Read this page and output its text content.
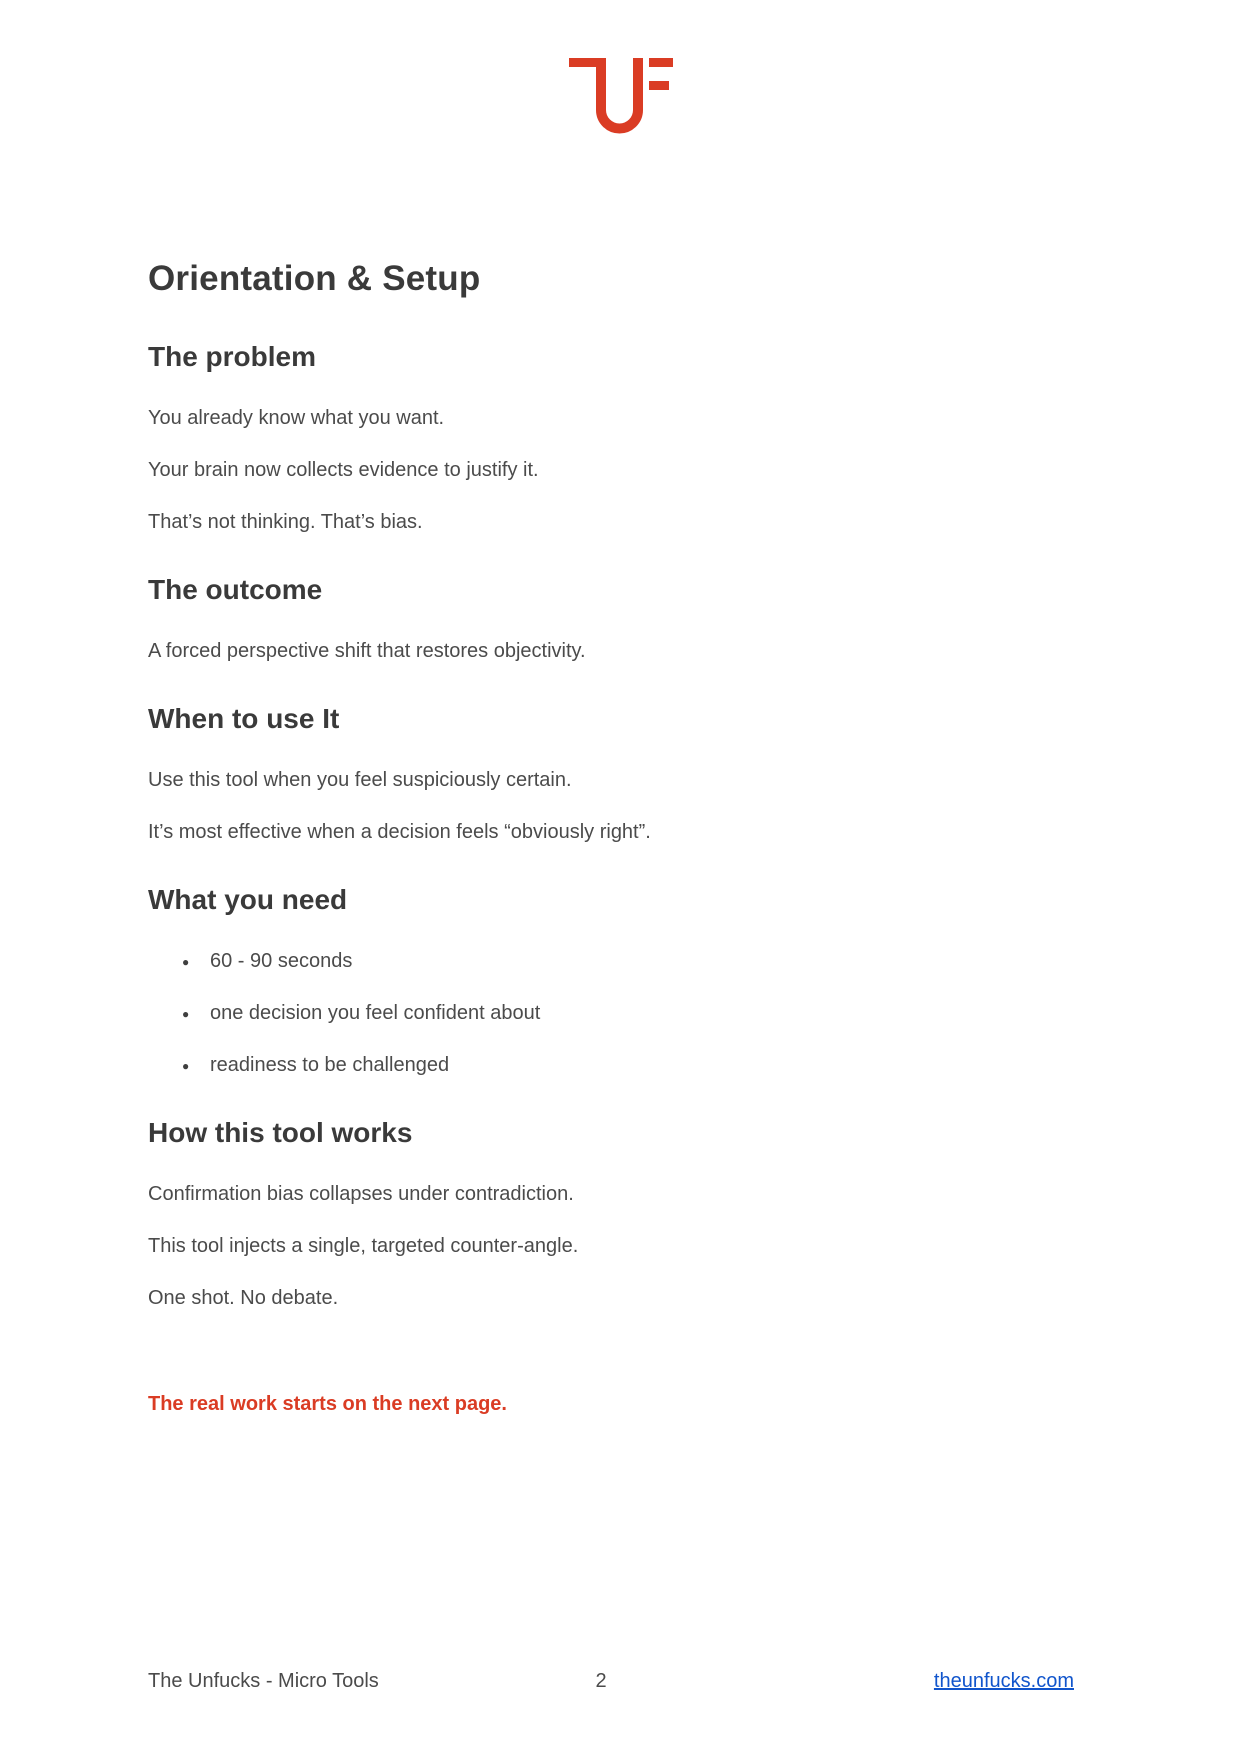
Orientation & Setup
The problem

You already know what you want.

Your brain now collects evidence to justify it.

That’s not thinking. That’s bias.

The outcome

A forced perspective shift that restores objectivity.

When to use It

Use this tool when you feel suspiciously certain.

It’s most effective when a decision feels “obviously right”.

What you need
● 60 - 90 seconds
● one decision you feel confident about
● readiness to be challenged
How this tool works

Confirmation bias collapses under contradiction.

This tool injects a single, targeted counter-angle.

One shot. No debate.

The real work starts on the next page.

The Unfucks - Micro Tools	2	theunfucks.com
